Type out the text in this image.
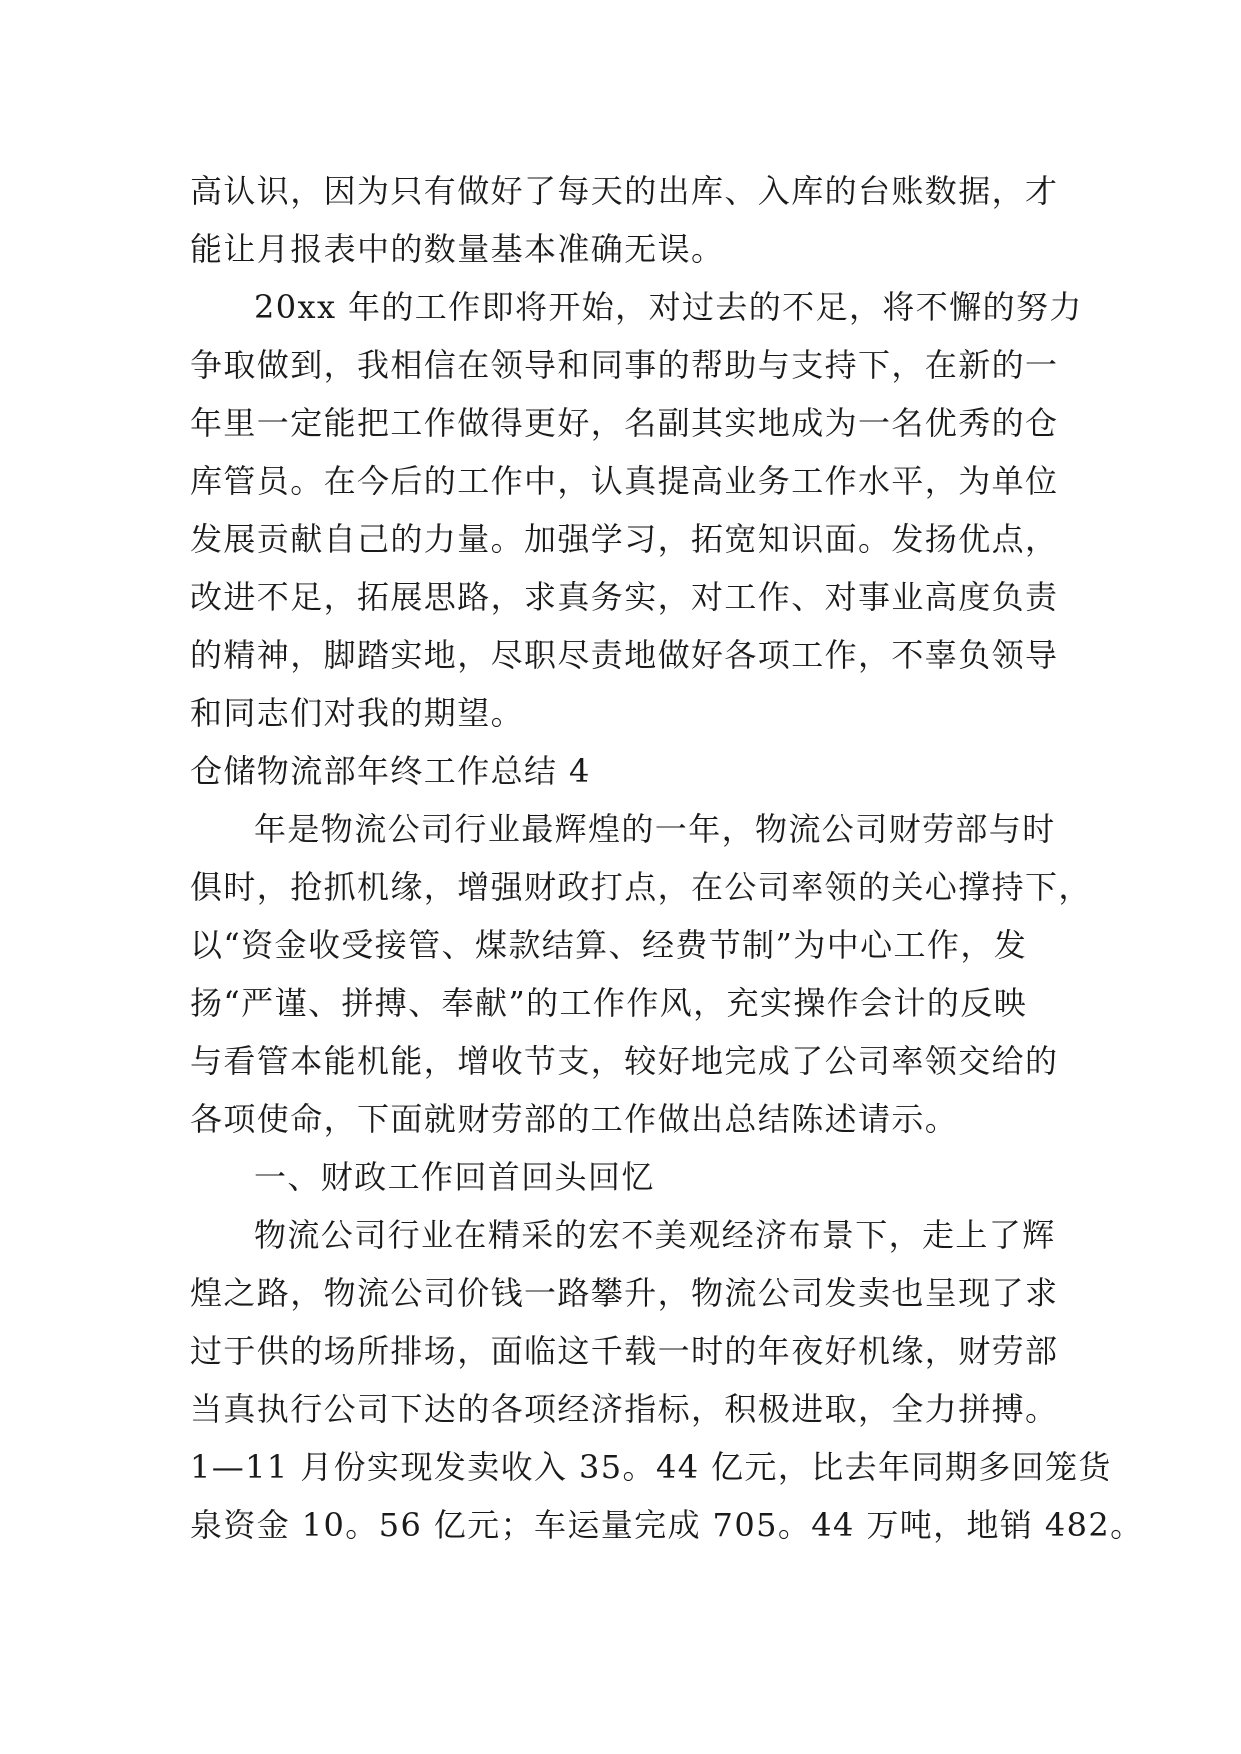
高认识，因为只有做好了每天的出库、入库的台账数据，才
能让月报表中的数量基本准确无误。
20xx 年的工作即将开始，对过去的不足，将不懈的努力
争取做到，我相信在领导和同事的帮助与支持下，在新的一
年里一定能把工作做得更好，名副其实地成为一名优秀的仓
库管员。在今后的工作中，认真提高业务工作水平，为单位
发展贡献自己的力量。加强学习，拓宽知识面。发扬优点，
改进不足，拓展思路，求真务实，对工作、对事业高度负责
的精神，脚踏实地，尽职尽责地做好各项工作，不辜负领导
和同志们对我的期望。
仓储物流部年终工作总结 4
年是物流公司行业最辉煌的一年，物流公司财劳部与时
俱时，抢抓机缘，增强财政打点，在公司率领的关心撑持下，
以“资金收受接管、煤款结算、经费节制”为中心工作，发
扬“严谨、拼搏、奉献”的工作作风，充实操作会计的反映
与看管本能机能，增收节支，较好地完成了公司率领交给的
各项使命，下面就财劳部的工作做出总结陈述请示。
一、财政工作回首回头回忆
物流公司行业在精采的宏不美观经济布景下，走上了辉
煌之路，物流公司价钱一路攀升，物流公司发卖也呈现了求
过于供的场所排场，面临这千载一时的年夜好机缘，财劳部
当真执行公司下达的各项经济指标，积极进取，全力拼搏。
1—11 月份实现发卖收入 35。44 亿元，比去年同期多回笼货
泉资金 10。56 亿元；车运量完成 705。44 万吨，地销 482。
